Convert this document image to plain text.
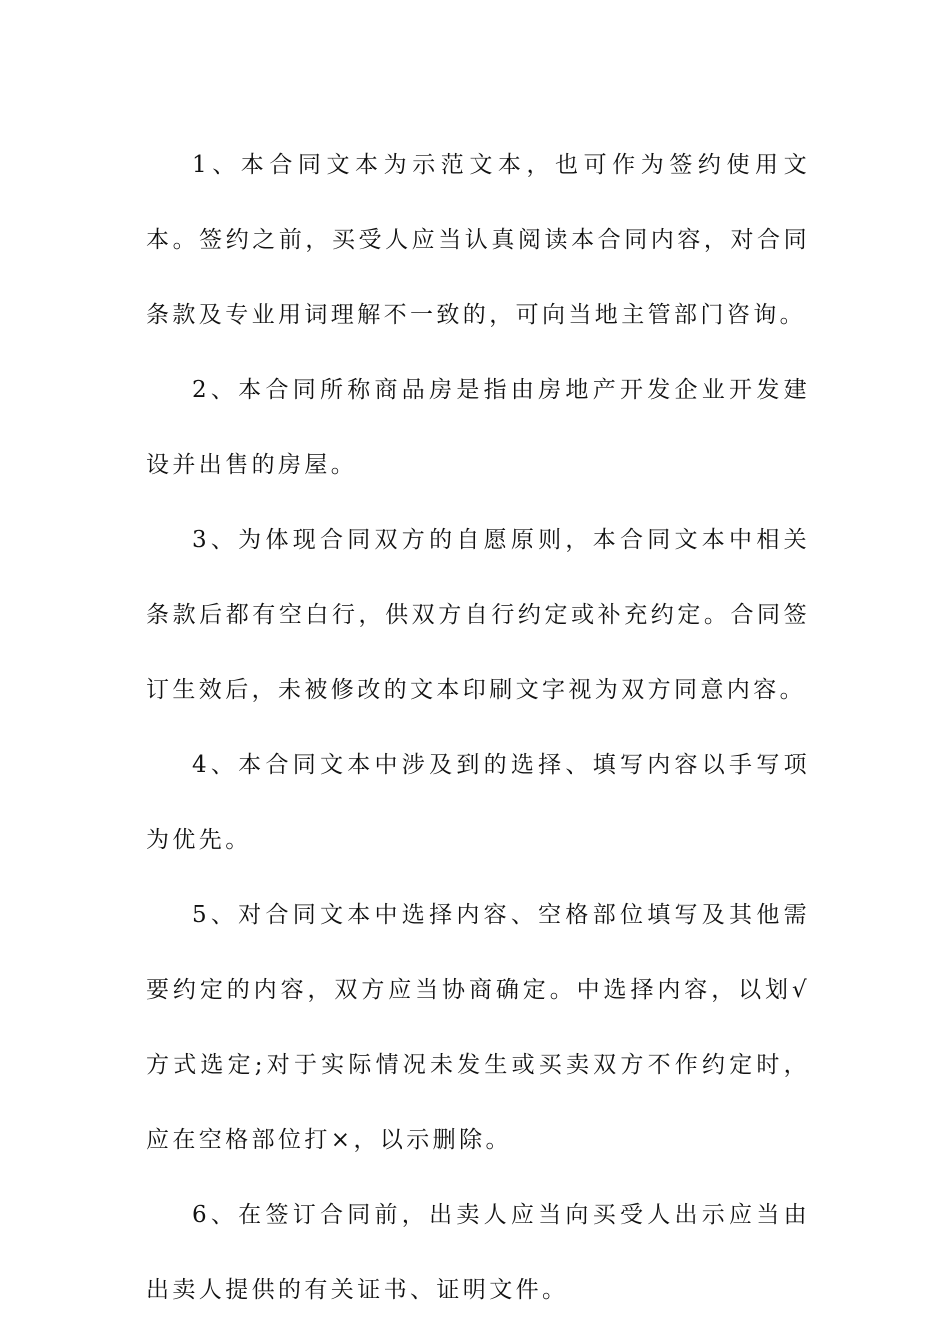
1、本合同文本为示范文本，也可作为签约使用文本。签约之前，买受人应当认真阅读本合同内容，对合同条款及专业用词理解不一致的，可向当地主管部门咨询。

2、本合同所称商品房是指由房地产开发企业开发建设并出售的房屋。

3、为体现合同双方的自愿原则，本合同文本中相关条款后都有空白行，供双方自行约定或补充约定。合同签订生效后，未被修改的文本印刷文字视为双方同意内容。

4、本合同文本中涉及到的选择、填写内容以手写项为优先。

5、对合同文本中选择内容、空格部位填写及其他需要约定的内容，双方应当协商确定。中选择内容，以划√方式选定;对于实际情况未发生或买卖双方不作约定时，应在空格部位打×，以示删除。

6、在签订合同前，出卖人应当向买受人出示应当由出卖人提供的有关证书、证明文件。
